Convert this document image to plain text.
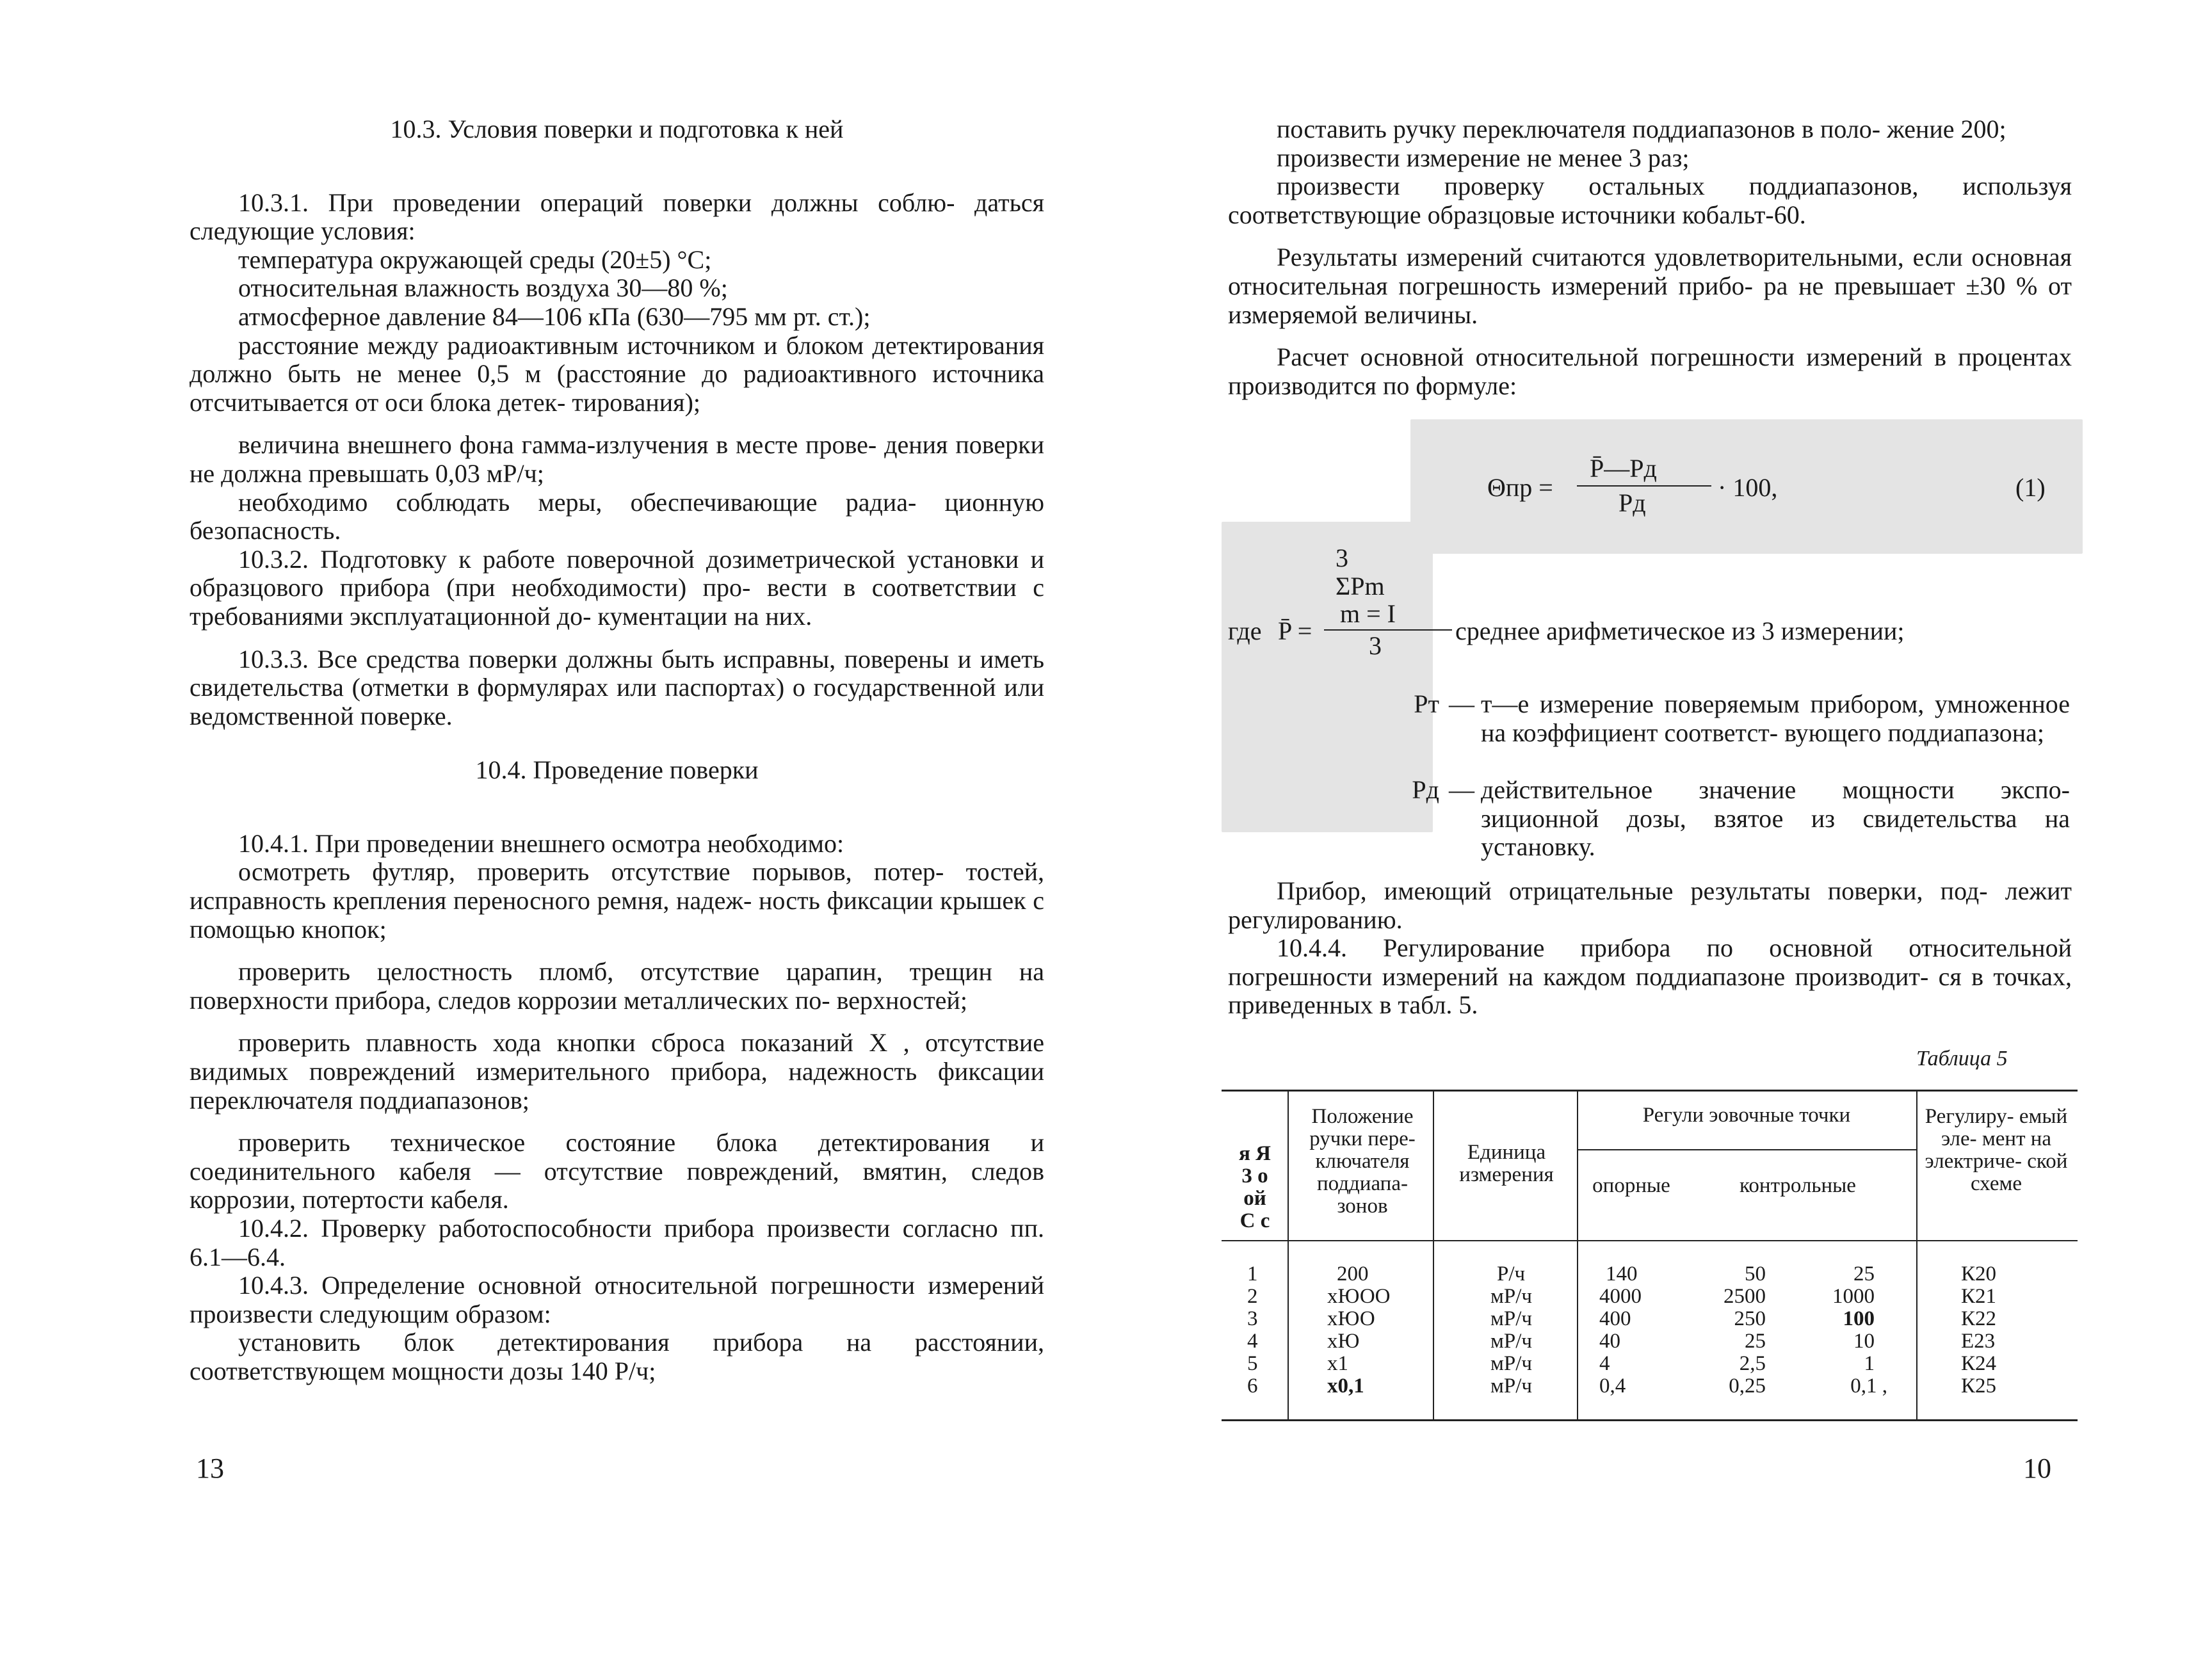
10.3. Условия поверки и подготовка к ней

10.3.1. При проведении операций поверки должны соблю- даться следующие условия:

температура окружающей среды (20±5) °С;

относительная влажность воздуха 30—80 %;

атмосферное давление 84—106 кПа (630—795 мм рт. ст.);

расстояние между радиоактивным источником и блоком детектирования должно быть не менее 0,5 м (расстояние до радиоактивного источника отсчитывается от оси блока детек- тирования);

величина внешнего фона гамма-излучения в месте прове- дения поверки не должна превышать 0,03 мР/ч;

необходимо соблюдать меры, обеспечивающие радиа- ционную безопасность.

10.3.2. Подготовку к работе поверочной дозиметрической установки и образцового прибора (при необходимости) про- вести в соответствии с требованиями эксплуатационной до- кументации на них.

10.3.3. Все средства поверки должны быть исправны, поверены и иметь свидетельства (отметки в формулярах или паспортах) о государственной или ведомственной поверке.

10.4. Проведение поверки

10.4.1. При проведении внешнего осмотра необходимо:

осмотреть футляр, проверить отсутствие порывов, потер- тостей, исправность крепления переносного ремня, надеж- ность фиксации крышек с помощью кнопок;

проверить целостность пломб, отсутствие царапин, трещин на поверхности прибора, следов коррозии металлических по- верхностей;

проверить плавность хода кнопки сброса показаний Х , отсутствие видимых повреждений измерительного прибора, надежность фиксации переключателя поддиапазонов;

проверить техническое состояние блока детектирования и соединительного кабеля — отсутствие повреждений, вмятин, следов коррозии, потертости кабеля.

10.4.2. Проверку работоспособности прибора произвести согласно пп. 6.1—6.4.

10.4.3. Определение основной относительной погрешности измерений произвести следующим образом:

установить блок детектирования прибора на расстоянии, соответствующем мощности дозы 140 Р/ч;

13

поставить ручку переключателя поддиапазонов в поло- жение 200;

произвести измерение не менее 3 раз;

произвести проверку остальных поддиапазонов, используя соответствующие образцовые источники кобальт-60.

Результаты измерений считаются удовлетворительными, если основная относительная погрешность измерений прибо- ра не превышает ±30 % от измеряемой величины.

Расчет основной относительной погрешности измерений в процентах производится по формуле:

Θпр =
P̄—Pд
Pд
· 100,	(1)
3
ΣPm
m = I
где P̄ =
3
среднее арифметическое из 3 измерении;
Pт — т—е измерение поверяемым прибором, умноженное на коэффициент соответст- вующего поддиапазона;
Pд — действительное значение мощности экспо- зиционной дозы, взятое из свидетельства на установку.

Прибор, имеющий отрицательные результаты поверки, под- лежит регулированию.

10.4.4. Регулирование прибора по основной относительной погрешности измерений на каждом поддиапазоне производит- ся в точках, приведенных в табл. 5.

Таблица 5
я Я 3 о ой С с
Положение ручки пере- ключателя поддиапа- зонов
Единица измерения
Регули эовочные точки
опорные	контрольные
Регулиру- емый эле- мент на электриче- ской схеме
1	200	Р/ч	140	50	25	К20
2	хЮОО	мР/ч	4000	2500	1000	К21
3	хЮО	мР/ч	400	250	100	К22
4	хЮ	мР/ч	40	25	10	Е23
5	х1	мР/ч	4	2,5	1	К24
6	х0,1	мР/ч	0,4	0,25	0,1 ,	К25
10
